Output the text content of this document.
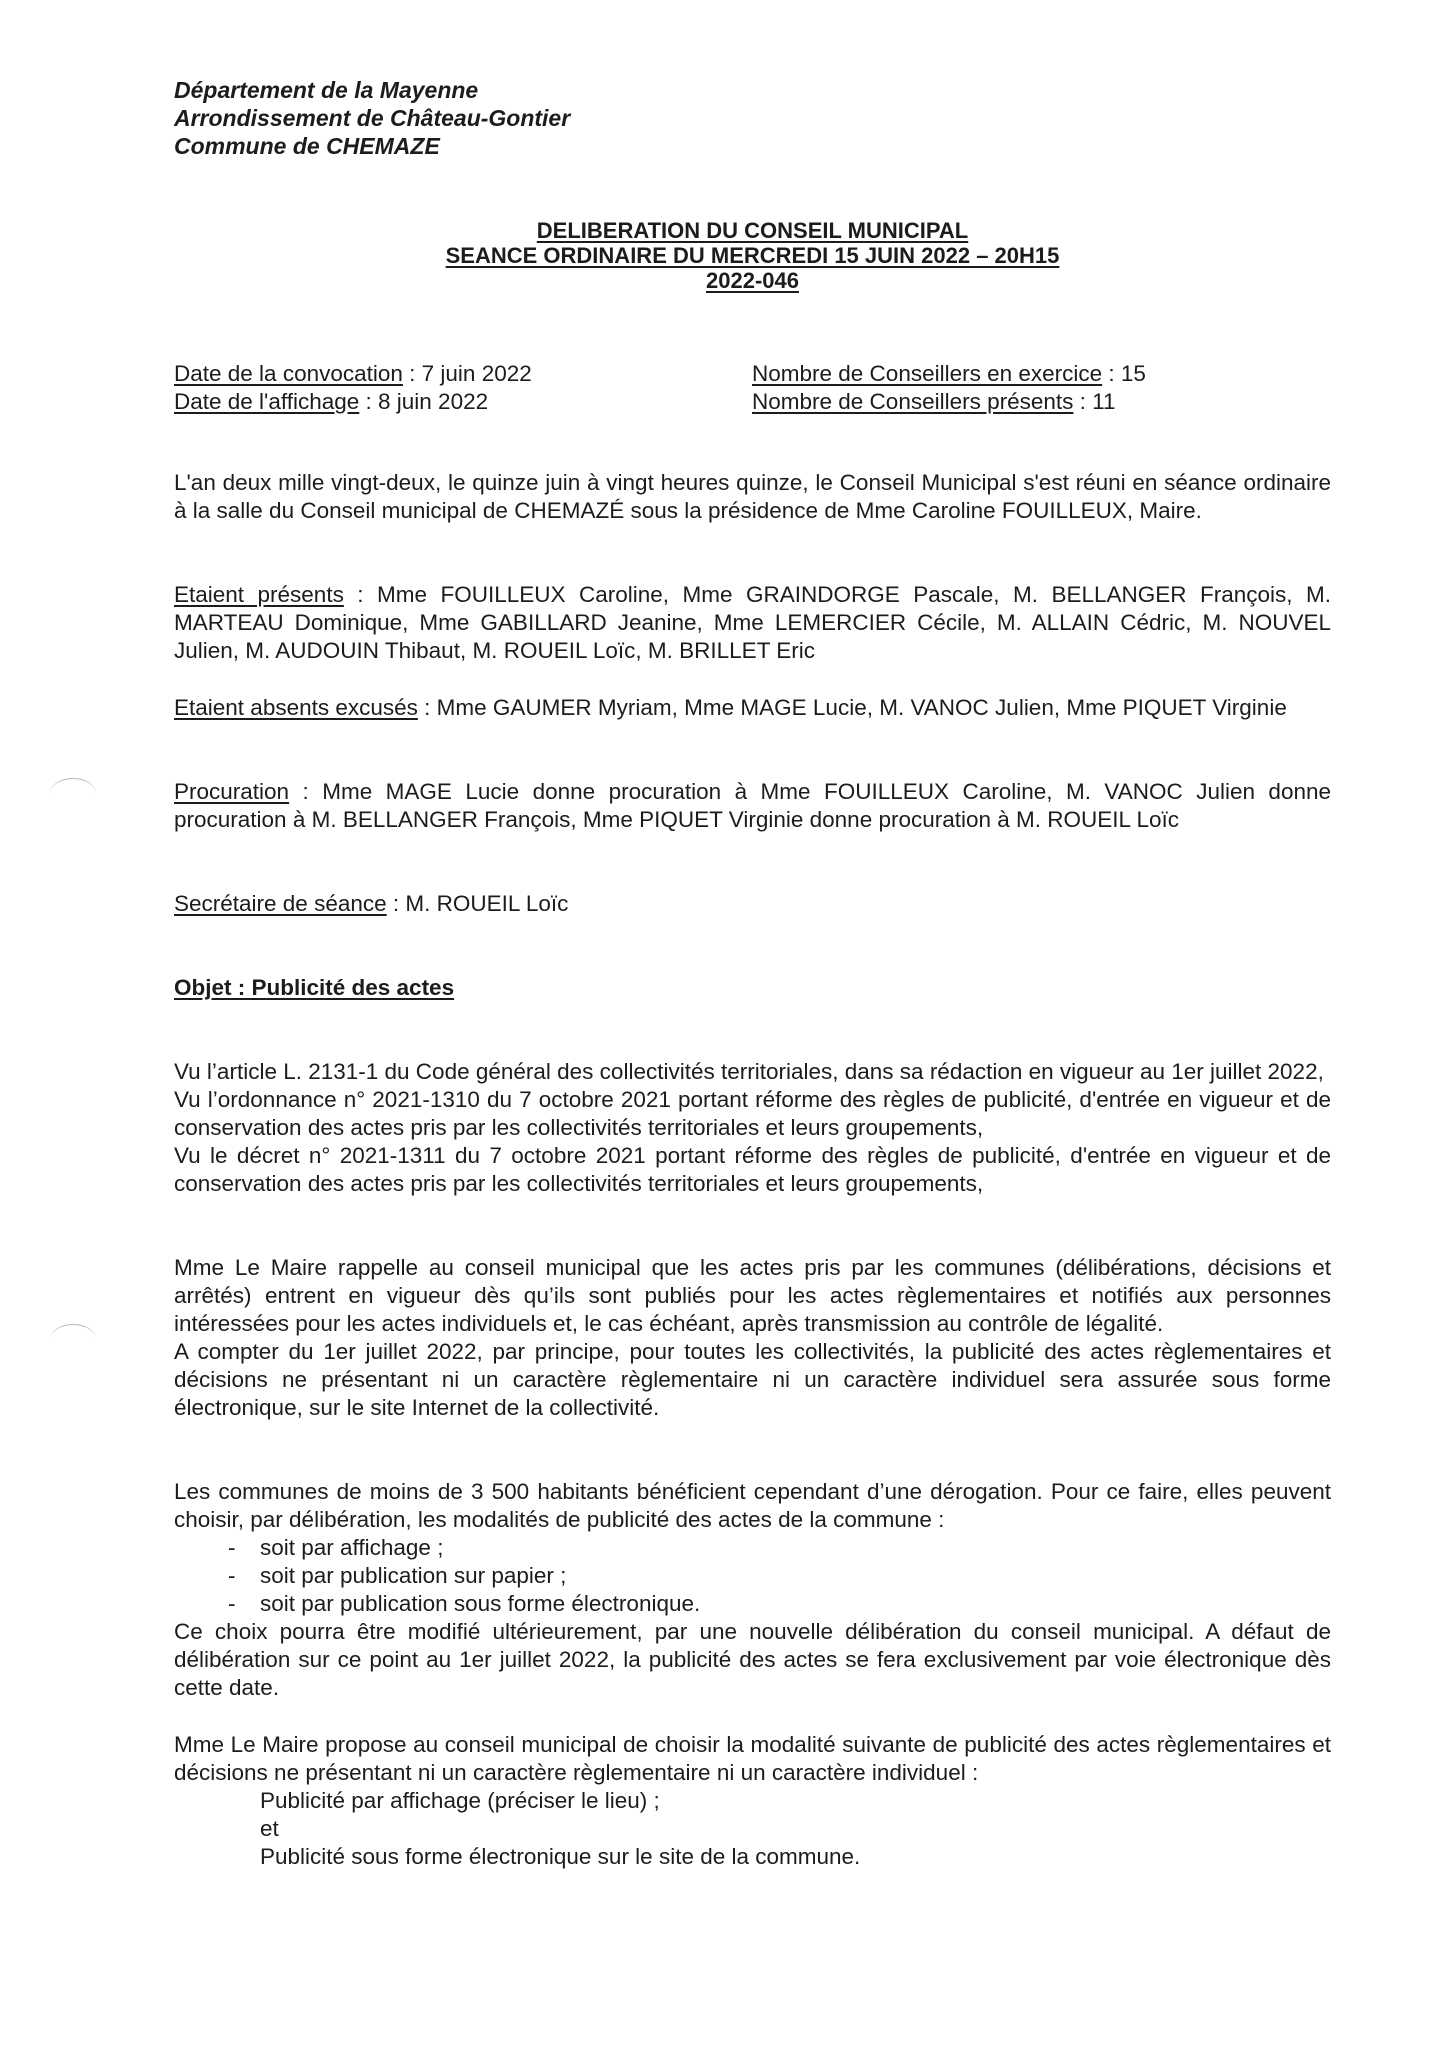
Département de la Mayenne
Arrondissement de Château-Gontier
Commune de CHEMAZE
DELIBERATION DU CONSEIL MUNICIPAL
SEANCE ORDINAIRE DU MERCREDI 15 JUIN 2022 – 20H15
2022-046
Date de la convocation : 7 juin 2022
Date de l'affichage : 8 juin 2022
Nombre de Conseillers en exercice : 15
Nombre de Conseillers présents : 11
L'an deux mille vingt-deux, le quinze juin à vingt heures quinze, le Conseil Municipal s'est réuni en séance ordinaire à la salle du Conseil municipal de CHEMAZÉ sous la présidence de Mme Caroline FOUILLEUX, Maire.
Etaient présents : Mme FOUILLEUX Caroline, Mme GRAINDORGE Pascale, M. BELLANGER François, M. MARTEAU Dominique, Mme GABILLARD Jeanine, Mme LEMERCIER Cécile, M. ALLAIN Cédric, M. NOUVEL Julien, M. AUDOUIN Thibaut, M. ROUEIL Loïc, M. BRILLET Eric
Etaient absents excusés : Mme GAUMER Myriam, Mme MAGE Lucie, M. VANOC Julien, Mme PIQUET Virginie
Procuration : Mme MAGE Lucie donne procuration à Mme FOUILLEUX Caroline, M. VANOC Julien donne procuration à M. BELLANGER François, Mme PIQUET Virginie donne procuration à M. ROUEIL Loïc
Secrétaire de séance : M. ROUEIL Loïc
Objet : Publicité des actes
Vu l’article L. 2131-1 du Code général des collectivités territoriales, dans sa rédaction en vigueur au 1er juillet 2022,
Vu l’ordonnance n° 2021-1310 du 7 octobre 2021 portant réforme des règles de publicité, d'entrée en vigueur et de conservation des actes pris par les collectivités territoriales et leurs groupements,
Vu le décret n° 2021-1311 du 7 octobre 2021 portant réforme des règles de publicité, d'entrée en vigueur et de conservation des actes pris par les collectivités territoriales et leurs groupements,
Mme Le Maire rappelle au conseil municipal que les actes pris par les communes (délibérations, décisions et arrêtés) entrent en vigueur dès qu’ils sont publiés pour les actes règlementaires et notifiés aux personnes intéressées pour les actes individuels et, le cas échéant, après transmission au contrôle de légalité.
A compter du 1er juillet 2022, par principe, pour toutes les collectivités, la publicité des actes règlementaires et décisions ne présentant ni un caractère règlementaire ni un caractère individuel sera assurée sous forme électronique, sur le site Internet de la collectivité.
Les communes de moins de 3 500 habitants bénéficient cependant d’une dérogation. Pour ce faire, elles peuvent choisir, par délibération, les modalités de publicité des actes de la commune :
- soit par affichage ;
- soit par publication sur papier ;
- soit par publication sous forme électronique.
Ce choix pourra être modifié ultérieurement, par une nouvelle délibération du conseil municipal. A défaut de délibération sur ce point au 1er juillet 2022, la publicité des actes se fera exclusivement par voie électronique dès cette date.
Mme Le Maire propose au conseil municipal de choisir la modalité suivante de publicité des actes règlementaires et décisions ne présentant ni un caractère règlementaire ni un caractère individuel :
Publicité par affichage (préciser le lieu) ;
et
Publicité sous forme électronique sur le site de la commune.
